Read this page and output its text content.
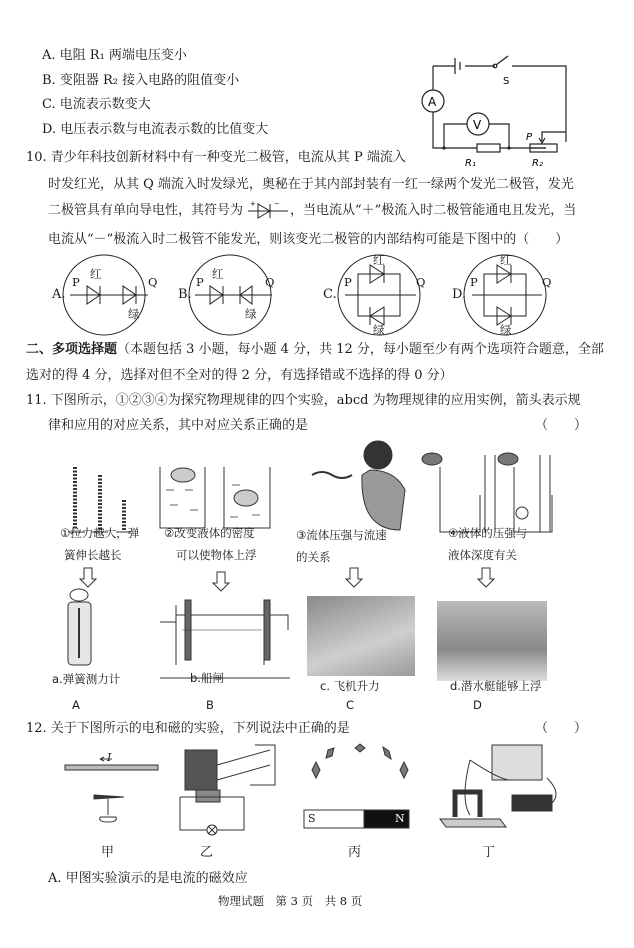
A. 电阻 R₁ 两端电压变小
B. 变阻器 R₂ 接入电路的阻值变小
C. 电流表示数变大
D. 电压表示数与电流表示数的比值变大
A
V
S
P
R₁	R₂
10. 青少年科技创新材料中有一种变光二极管，电流从其 P 端流入
时发红光，从其 Q 端流入时发绿光，奥秘在于其内部封装有一红一绿两个发光二极管，发光
二极管具有单向导电性，其符号为 +	− ，当电流从“＋”极流入时二极管能通电且发光，当
电流从“－”极流入时二极管不能发光，则该变光二极管的内部结构可能是下图中的（　　）
A.
P	Q
红
绿
B.
P	Q
红
绿
C.
P	Q
红
绿
D.
P	Q
红
绿
二、多项选择题（本题包括 3 小题，每小题 4 分，共 12 分，每小题至少有两个选项符合题意，全部
选对的得 4 分，选择对但不全对的得 2 分，有选择错或不选择的得 0 分）
11. 下图所示，①②③④为探究物理规律的四个实验，abcd 为物理规律的应用实例，箭头表示规
律和应用的对应关系，其中对应关系正确的是	（　　）
①拉力越大，弹
簧伸长越长
②改变液体的密度
可以使物体上浮
③流体压强与流速
的关系
④液体的压强与
液体深度有关
a.弹簧测力计	b.船闸
c. 飞机升力	d.潜水艇能够上浮
A	B	C	D
12. 关于下图所示的电和磁的实验，下列说法中正确的是	（　　）
I
S	N
甲	乙	丙	丁
A. 甲图实验演示的是电流的磁效应
物理试题　第 3 页　共 8 页
